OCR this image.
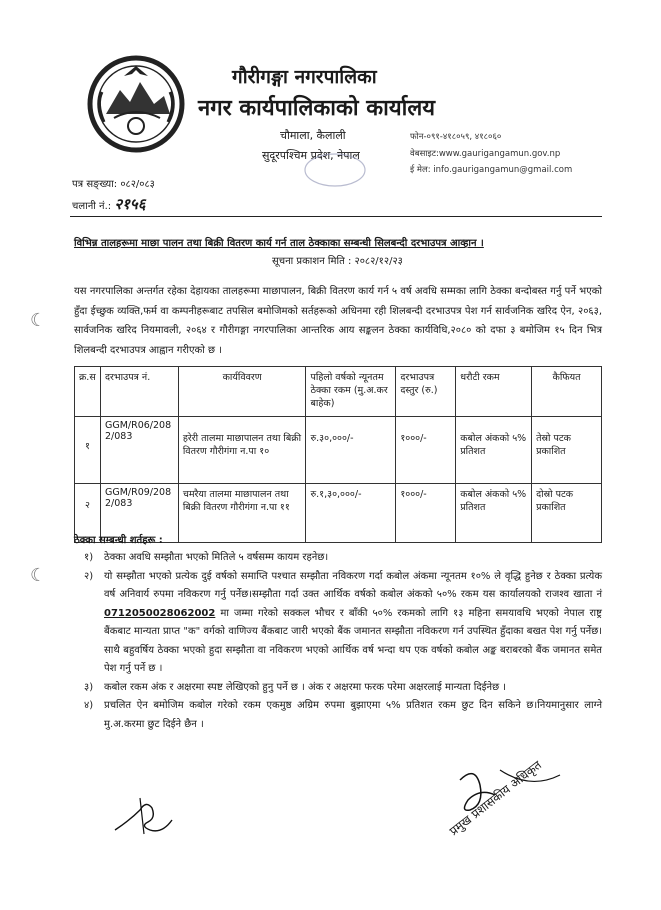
गौरीगङ्गा नगरपालिका
नगर कार्यपालिकाको कार्यालय
चौमाला, कैलाली
सुदूरपश्चिम प्रदेश, नेपाल
फोन-०९१-४१८०५९, ४१८०६०
वेबसाइट:www.gaurigangamun.gov.np
ई मेल: info.gaurigangamun@gmail.com
पत्र सङ्ख्या: ०८२/०८३
चलानी नं.: २१५६
विभिन्न तालहरूमा माछा पालन तथा बिक्री वितरण कार्य गर्न ताल ठेक्काका सम्बन्धी सिलबन्दी दरभाउपत्र आव्हान ।
सूचना प्रकाशन मिति : २०८२/१२/२३
यस नगरपालिका अन्तर्गत रहेका देहायका तालहरूमा माछापालन, बिक्री वितरण कार्य गर्न ५ वर्ष अवधि सम्मका लागि ठेक्का बन्दोबस्त गर्नु पर्ने भएको हुँदा ईच्छुक व्यक्ति,फर्म वा कम्पनीहरूबाट तपसिल बमोजिमको सर्तहरूको अधिनमा रही शिलबन्दी दरभाउपत्र पेश गर्न सार्वजनिक खरिद ऐन, २०६३, सार्वजनिक खरिद नियमावली, २०६४ र गौरीगङ्गा नगरपालिका आन्तरिक आय सङ्कलन ठेक्का कार्यविधि,२०८० को दफा ३ बमोजिम १५ दिन भित्र शिलबन्दी दरभाउपत्र आह्वान गरीएको छ ।
☾
☾
क्र.स	दरभाउपत्र नं.	कार्यविवरण	पहिलो वर्षको न्यूनतम ठेक्का रकम (मु.अ.कर बाहेक)	दरभाउपत्र दस्तुर (रु.)	धरौटी रकम	कैफियत
१	GGM/R06/2082/083	हरेरी तालमा माछापालन तथा बिक्री वितरण गौरीगंगा न.पा १०	रु.३०,०००/-	१०००/-	कबोल अंकको ५% प्रतिशत	तेस्रो पटक प्रकाशित
२	GGM/R09/2082/083	चमरैया तालमा माछापालन तथा बिक्री वितरण गौरीगंगा न.पा ११	रु.१,३०,०००/-	१०००/-	कबोल अंकको ५% प्रतिशत	दोस्रो पटक प्रकाशित
ठेक्का सम्बन्धी शर्तहरू :
१)	ठेक्का अवधि सम्झौता भएको मितिले ५ वर्षसम्म कायम रहनेछ।
२)	यो सम्झौता भएको प्रत्येक दुई वर्षको समाप्ति पश्चात सम्झौता नविकरण गर्दा कबोल अंकमा न्यूनतम १०% ले वृद्धि हुनेछ र ठेक्का प्रत्येक वर्ष अनिवार्य रुपमा नविकरण गर्नु पर्नेछ।सम्झौता गर्दा उक्त आर्थिक वर्षको कबोल अंकको ५०% रकम यस कार्यालयको राजश्व खाता नं 0712050028062002 मा जम्मा गरेको सक्कल भौचर र बाँकी ५०% रकमको लागि १३ महिना समयावधि भएको नेपाल राष्ट्र बैंकबाट मान्यता प्राप्त "क" वर्गको वाणिज्य बैंकबाट जारी भएको बैंक जमानत सम्झौता नविकरण गर्न उपस्थित हुँदाका बखत पेश गर्नु पर्नेछ।साथै बहुवर्षिय ठेक्का भएको हुदा सम्झौता वा नविकरण भएको आर्थिक वर्ष भन्दा थप एक वर्षको कबोल अङ्क बराबरको बैंक जमानत समेत पेश गर्नु पर्ने छ ।
३)	कबोल रकम अंक र अक्षरमा स्पष्ट लेखिएको हुनु पर्ने छ । अंक र अक्षरमा फरक परेमा अक्षरलाई मान्यता दिईनेछ ।
४)	प्रचलित ऐन बमोजिम कबोल गरेको रकम एकमुष्ठ अग्रिम रुपमा बुझाएमा ५% प्रतिशत रकम छुट दिन सकिने छ।नियमानुसार लाग्ने मु.अ.करमा छुट दिईने छैन ।
प्रमुख प्रशासकीय अधिकृत
